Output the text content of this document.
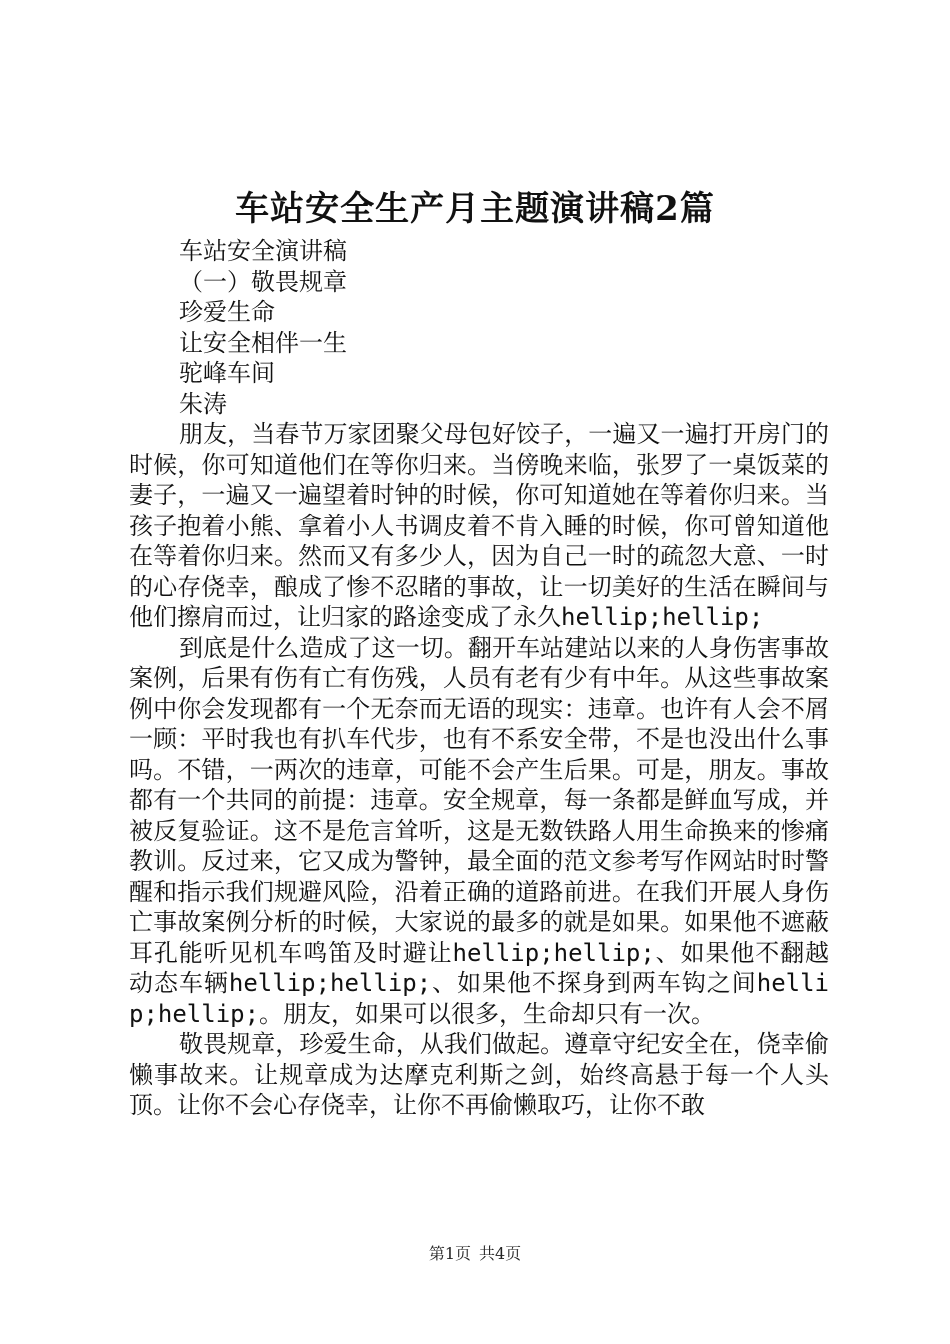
车站安全生产月主题演讲稿2篇

车站安全演讲稿

（一）敬畏规章

珍爱生命

让安全相伴一生

驼峰车间

朱涛

朋友，当春节万家团聚父母包好饺子，一遍又一遍打开房门的时候，你可知道他们在等你归来。当傍晚来临，张罗了一桌饭菜的妻子，一遍又一遍望着时钟的时候，你可知道她在等着你归来。当孩子抱着小熊、拿着小人书调皮着不肯入睡的时候，你可曾知道他在等着你归来。然而又有多少人，因为自己一时的疏忽大意、一时的心存侥幸，酿成了惨不忍睹的事故，让一切美好的生活在瞬间与他们擦肩而过，让归家的路途变成了永久hellip;hellip;

到底是什么造成了这一切。翻开车站建站以来的人身伤害事故案例，后果有伤有亡有伤残，人员有老有少有中年。从这些事故案例中你会发现都有一个无奈而无语的现实：违章。也许有人会不屑一顾：平时我也有扒车代步，也有不系安全带，不是也没出什么事吗。不错，一两次的违章，可能不会产生后果。可是，朋友。事故都有一个共同的前提：违章。安全规章，每一条都是鲜血写成，并被反复验证。这不是危言耸听，这是无数铁路人用生命换来的惨痛教训。反过来，它又成为警钟，最全面的范文参考写作网站时时警醒和指示我们规避风险，沿着正确的道路前进。在我们开展人身伤亡事故案例分析的时候，大家说的最多的就是如果。如果他不遮蔽耳孔能听见机车鸣笛及时避让hellip;hellip;、如果他不翻越动态车辆hellip;hellip;、如果他不探身到两车钩之间hellip;hellip;。朋友，如果可以很多，生命却只有一次。

敬畏规章，珍爱生命，从我们做起。遵章守纪安全在，侥幸偷懒事故来。让规章成为达摩克利斯之剑，始终高悬于每一个人头顶。让你不会心存侥幸，让你不再偷懒取巧，让你不敢

第1页 共4页
